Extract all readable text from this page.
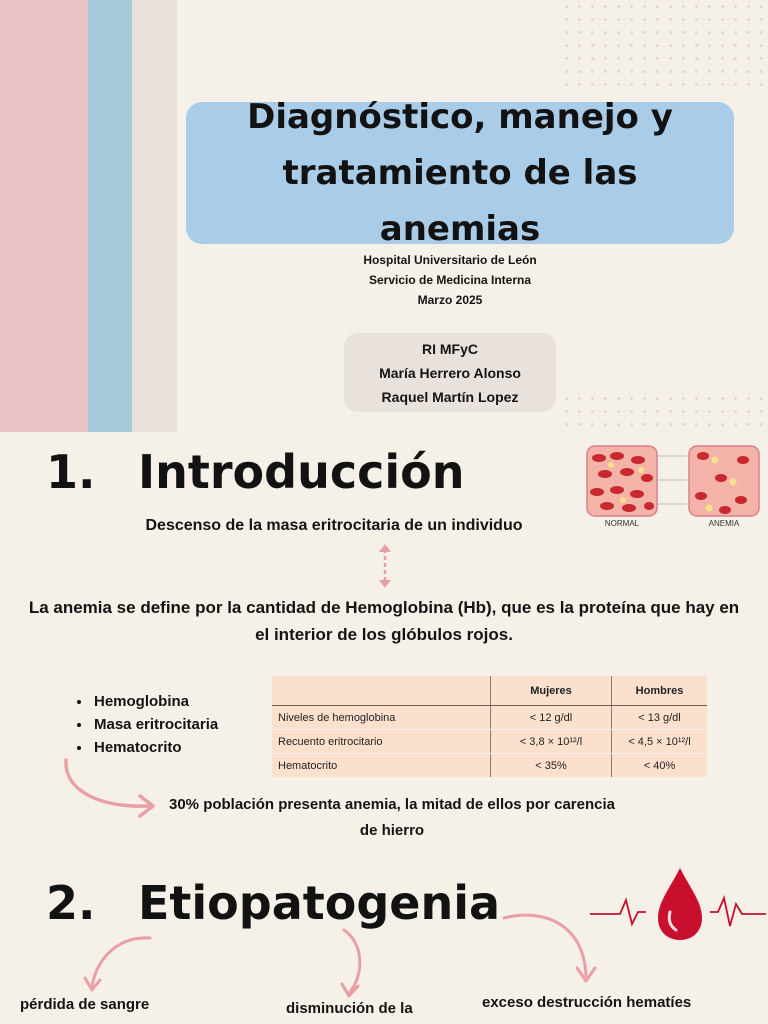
Diagnóstico, manejo y tratamiento de las anemias
Hospital Universitario de León
Servicio de Medicina Interna
Marzo 2025
RI MFyC
María Herrero Alonso
Raquel Martín Lopez
1. Introducción
NORMAL	ANEMIA
Descenso de la masa eritrocitaria de un individuo
La anemia se define por la cantidad de Hemoglobina (Hb), que es la proteína que hay en el interior de los glóbulos rojos.
• Hemoglobina
• Masa eritrocitaria
• Hematocrito
	Mujeres	Hombres
Niveles de hemoglobina	< 12 g/dl	< 13 g/dl
Recuento eritrocitario	< 3,8 × 10¹²/l	< 4,5 × 10¹²/l
Hematocrito	< 35%	< 40%
30% población presenta anemia, la mitad de ellos por carencia de hierro
2. Etiopatogenia
pérdida de sangre	disminución de la	exceso destrucción hematíes
